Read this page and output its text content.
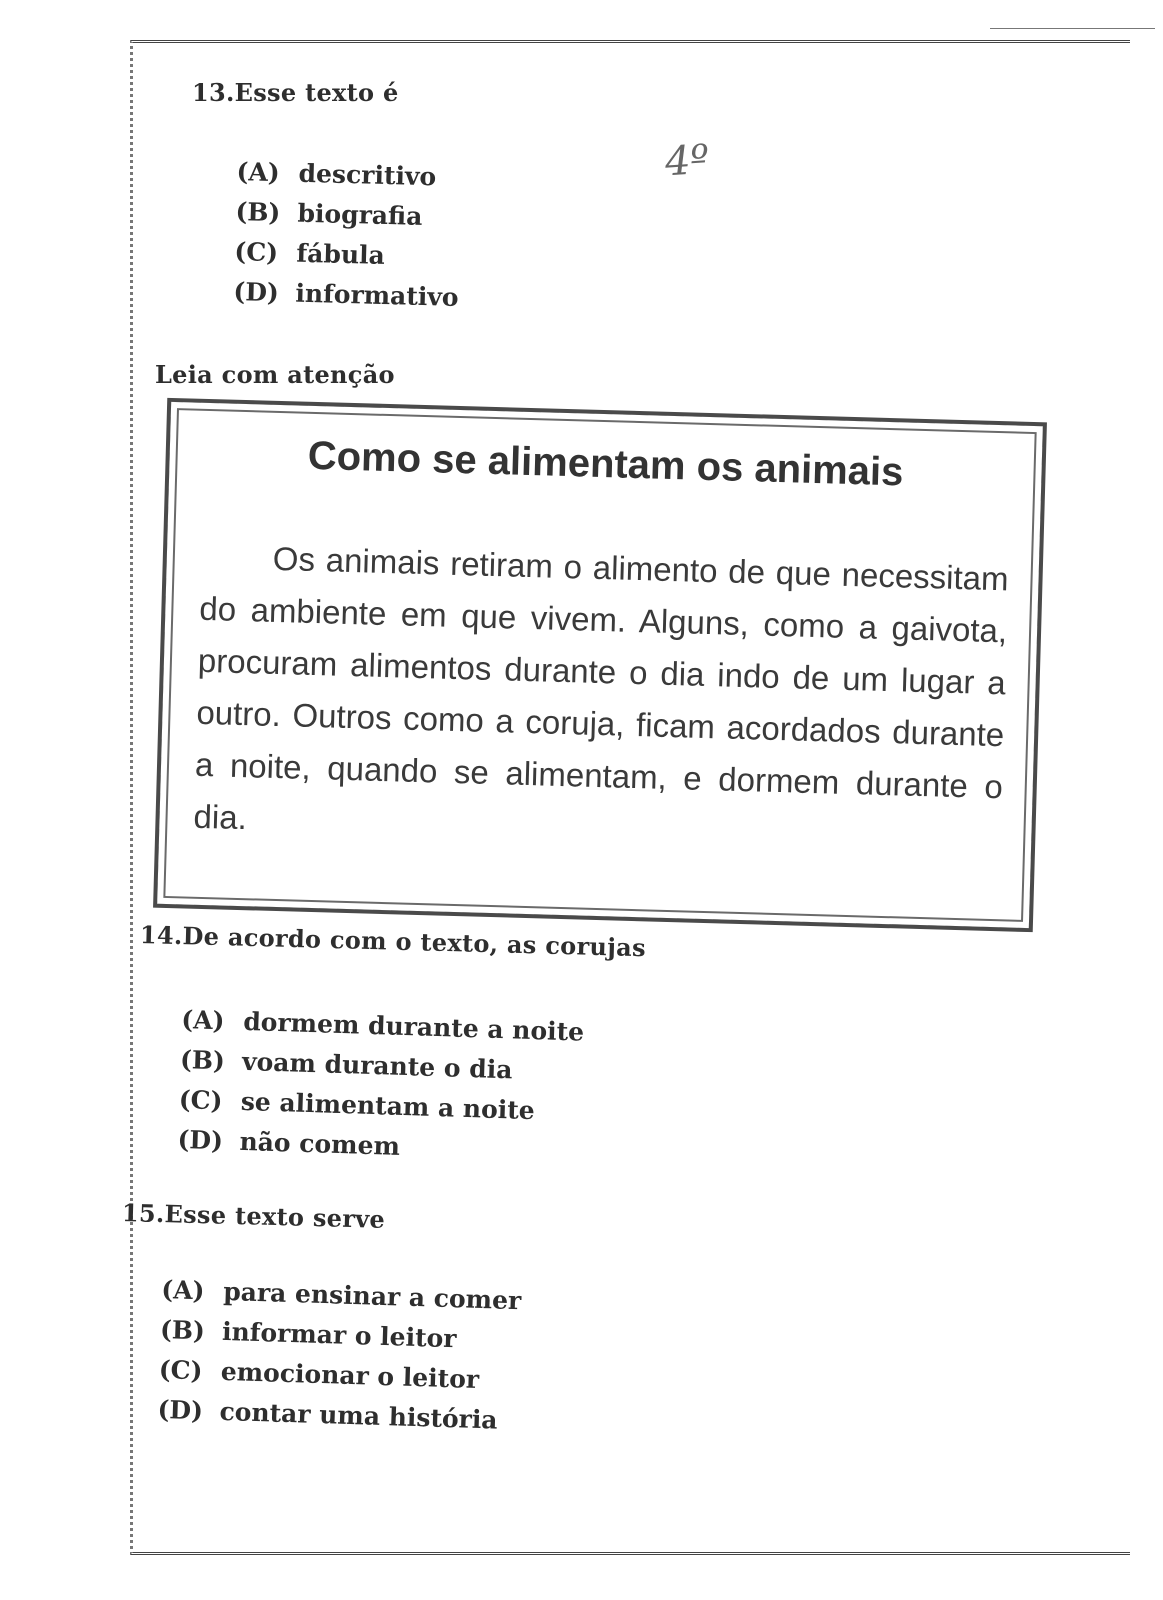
4º
13.Esse texto é
(A) descritivo
(B) biografia
(C) fábula
(D) informativo
Leia com atenção
Como se alimentam os animais
Os animais retiram o alimento de que necessitam do ambiente em que vivem. Alguns, como a gaivota, procuram alimentos durante o dia indo de um lugar a outro. Outros como a coruja, ficam acordados durante a noite, quando se alimentam, e dormem durante o dia.
14.De acordo com o texto, as corujas
(A) dormem durante a noite
(B) voam durante o dia
(C) se alimentam a noite
(D) não comem
15.Esse texto serve
(A) para ensinar a comer
(B) informar o leitor
(C) emocionar o leitor
(D) contar uma história
